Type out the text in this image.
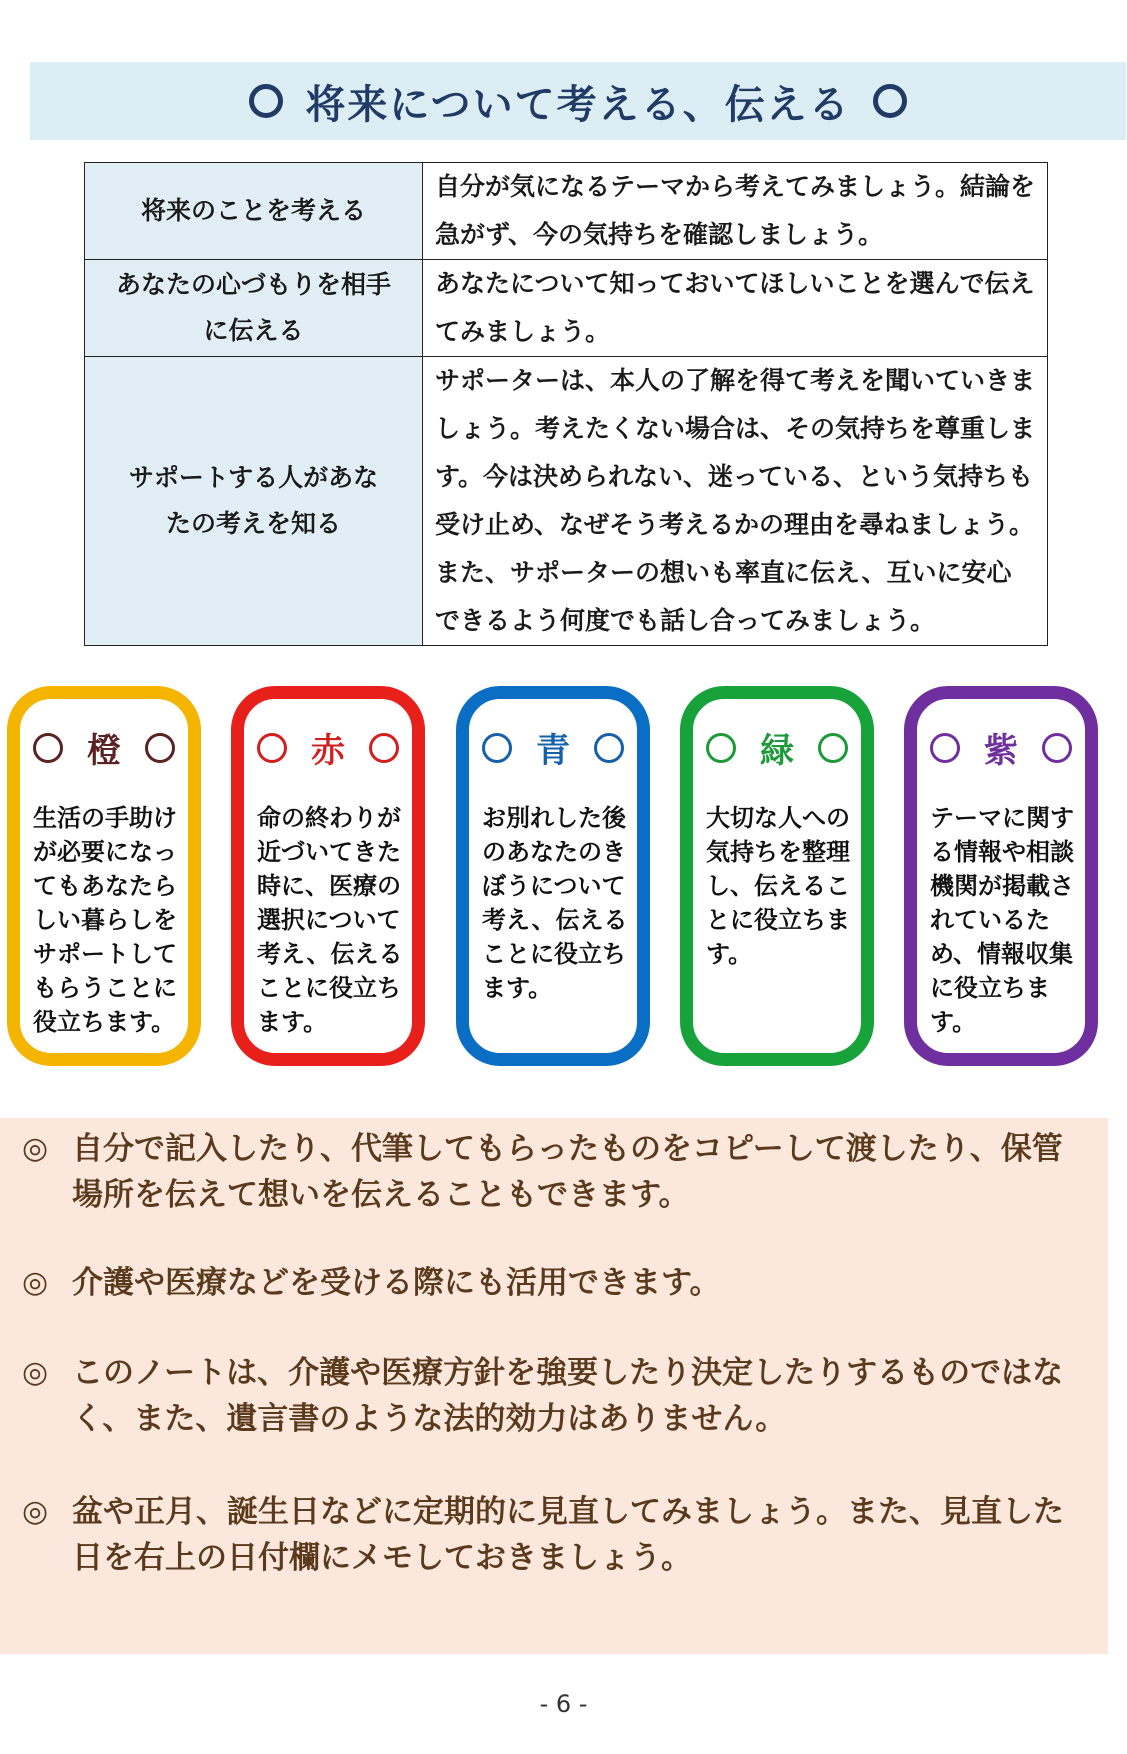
将来について考える、伝える
将来のことを考える	自分が気になるテーマから考えてみましょう。結論を急がず、今の気持ちを確認しましょう。
あなたの心づもりを相手に伝える	あなたについて知っておいてほしいことを選んで伝えてみましょう。
サポートする人があなたの考えを知る	サポーターは、本人の了解を得て考えを聞いていきましょう。考えたくない場合は、その気持ちを尊重します。今は決められない、迷っている、という気持ちも受け止め、なぜそう考えるかの理由を尋ねましょう。また、サポーターの想いも率直に伝え、互いに安心できるよう何度でも話し合ってみましょう。
橙
生活の手助けが必要になってもあなたらしい暮らしをサポートしてもらうことに役立ちます。
赤
命の終わりが近づいてきた時に、医療の選択について考え、伝えることに役立ちます。
青
お別れした後のあなたのきぼうについて考え、伝えることに役立ちます。
緑
大切な人への気持ちを整理し、伝えることに役立ちます。
紫
テーマに関する情報や相談機関が掲載されているため、情報収集に役立ちます。
◎ 自分で記入したり、代筆してもらったものをコピーして渡したり、保管場所を伝えて想いを伝えることもできます。
◎ 介護や医療などを受ける際にも活用できます。
◎ このノートは、介護や医療方針を強要したり決定したりするものではなく、また、遺言書のような法的効力はありません。
◎ 盆や正月、誕生日などに定期的に見直してみましょう。また、見直した日を右上の日付欄にメモしておきましょう。
- 6 -
